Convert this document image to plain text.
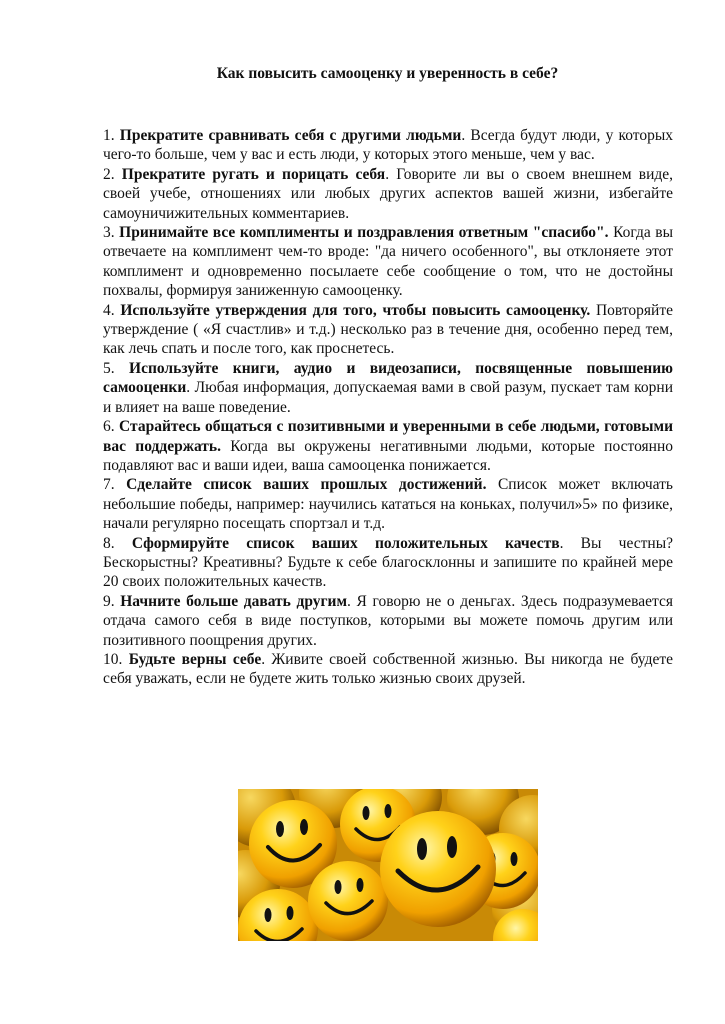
Как повысить самооценку и уверенность в себе?

1. Прекратите сравнивать себя с другими людьми. Всегда будут люди, у которых чего-то больше, чем у вас и есть люди, у которых этого меньше, чем у вас.

2. Прекратите ругать и порицать себя. Говорите ли вы о своем внешнем виде, своей учебе, отношениях или любых других аспектов вашей жизни, избегайте самоуничижительных комментариев.

3. Принимайте все комплименты и поздравления ответным "спасибо". Когда вы отвечаете на комплимент чем-то вроде: "да ничего особенного", вы отклоняете этот комплимент и одновременно посылаете себе сообщение о том, что не достойны похвалы, формируя заниженную самооценку.

4. Используйте утверждения для того, чтобы повысить самооценку. Повторяйте утверждение ( «Я счастлив» и т.д.) несколько раз в течение дня, особенно перед тем, как лечь спать и после того, как проснетесь.

5. Используйте книги, аудио и видеозаписи, посвященные повышению самооценки. Любая информация, допускаемая вами в свой разум, пускает там корни и влияет на ваше поведение.

6. Старайтесь общаться с позитивными и уверенными в себе людьми, готовыми вас поддержать. Когда вы окружены негативными людьми, которые постоянно подавляют вас и ваши идеи, ваша самооценка понижается.

7. Сделайте список ваших прошлых достижений. Список может включать небольшие победы, например: научились кататься на коньках, получил»5» по физике, начали регулярно посещать спортзал и т.д.

8. Сформируйте список ваших положительных качеств. Вы честны? Бескорыстны? Креативны? Будьте к себе благосклонны и запишите по крайней мере 20 своих положительных качеств.

9. Начните больше давать другим. Я говорю не о деньгах. Здесь подразумевается отдача самого себя в виде поступков, которыми вы можете помочь другим или позитивного поощрения других.

10. Будьте верны себе. Живите своей собственной жизнью. Вы никогда не будете себя уважать, если не будете жить только жизнью своих друзей.
